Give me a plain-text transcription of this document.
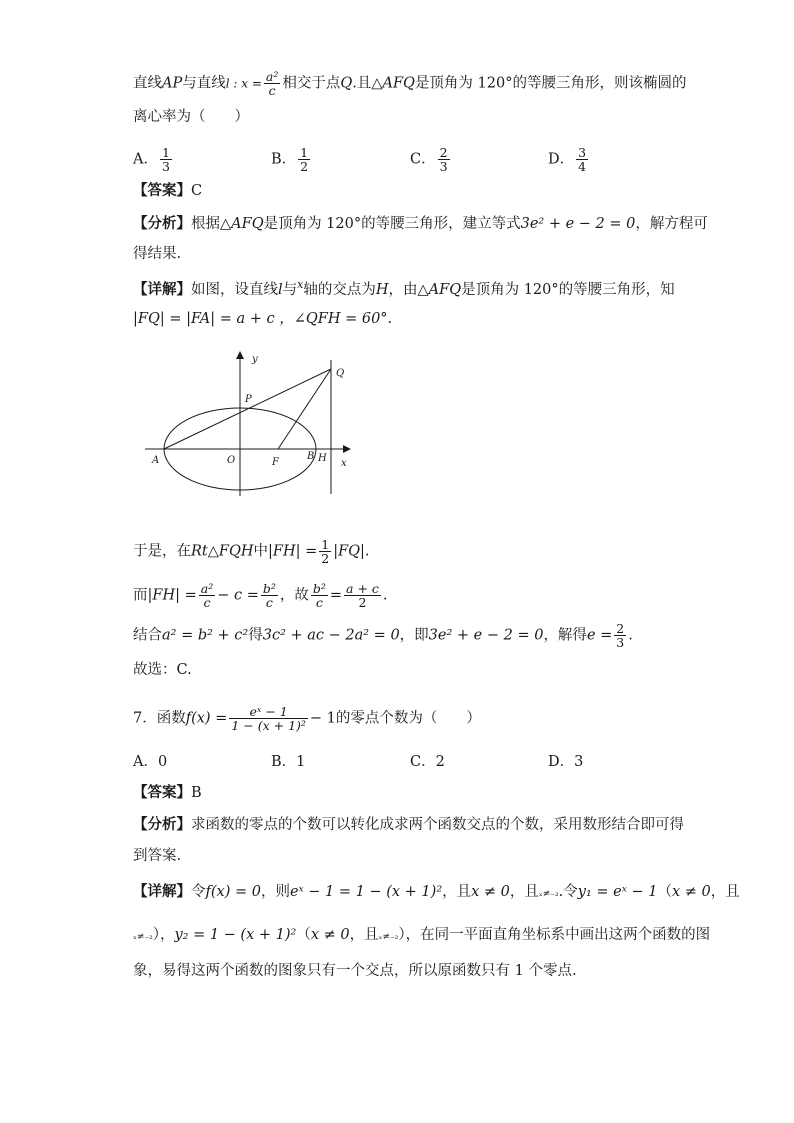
直线AP与直线l : $x = \frac{\text{a²}}{c}$ 相交于点Q.且△AFQ是顶角为 120°的等腰三角形，则该椭圆的
离心率为（　　）
A． $\frac{1}{3}$	B． $\frac{1}{2}$	C． $\frac{2}{3}$	D． $\frac{3}{4}$
【答案】C
【分析】根据△AFQ是顶角为 120°的等腰三角形，建立等式3e² + e − 2 = 0，解方程可
得结果.
【详解】如图，设直线l与$^x$轴的交点为H，由△AFQ是顶角为 120°的等腰三角形，知
|FQ| = |FA| = a + c ，∠QFH = 60°.
y
Q
P
A	O	F
B H x
于是，在Rt△FQH中$|FH| = \frac{1}{2} |FQ|$.
而$|FH| = \frac{\text{a²}}{c} - c = \frac{\text{b²}}{c}$ ，故 $\frac{\text{b²}}{c} = \frac{a + c}{2}$ .
结合a² = b² + c²得3c² + ac − 2a² = 0，即3e² + e − 2 = 0，解得$e = \frac{2}{3}$ .
故选：C.
7．函数$f(x) = \frac{\text{eˣ − 1}}{\text{1 − (x + 1)²}} - 1$的零点个数为（　　）
A．0	B．1	C．2	D．3
【答案】B
【分析】求函数的零点的个数可以转化成求两个函数交点的个数，采用数形结合即可得
到答案.
【详解】令f(x) = 0，则eˣ − 1 = 1 − (x + 1)²，且x ≠ 0，且ₓ≠₋₂.令y₁ = eˣ − 1（x ≠ 0，且
ₓ≠₋₂），y₂ = 1 − (x + 1)²（x ≠ 0，且ₓ≠₋₂），在同一平面直角坐标系中画出这两个函数的图
象，易得这两个函数的图象只有一个交点，所以原函数只有 1 个零点.
